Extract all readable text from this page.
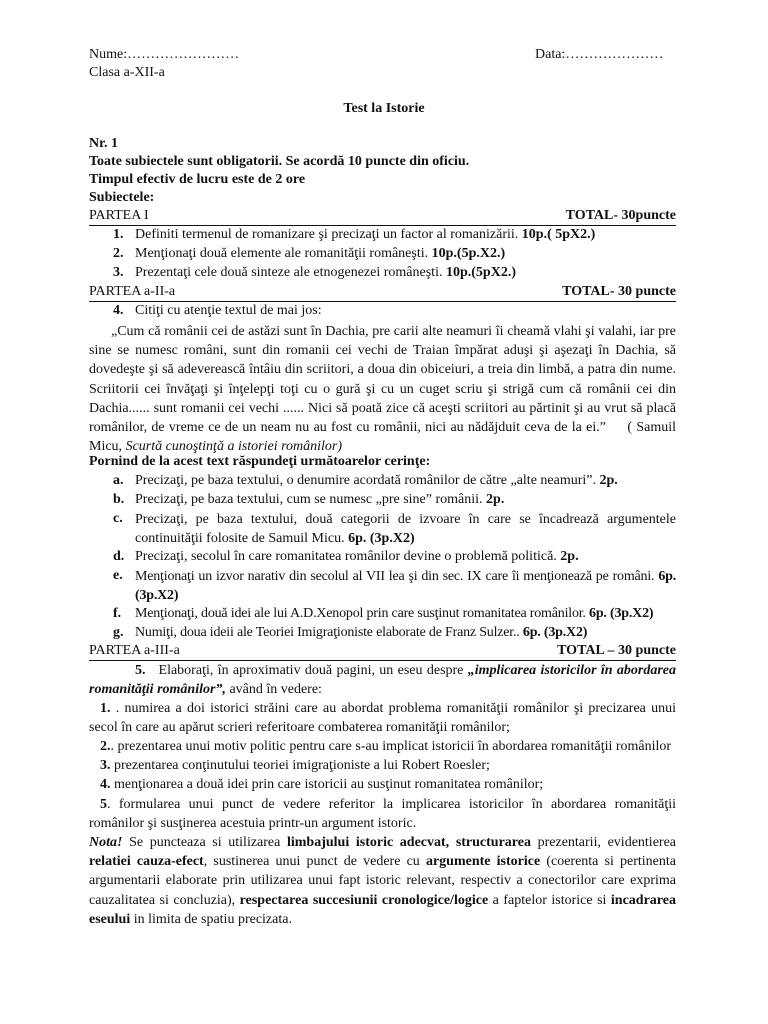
Nume:……………………	Data:…………………
Clasa a-XII-a
Test la Istorie
Nr. 1
Toate subiectele sunt obligatorii. Se acordă 10 puncte din oficiu.
Timpul efectiv de lucru este de 2 ore
Subiectele:
PARTEA I	TOTAL- 30puncte
1. Definiti termenul de romanizare şi precizaţi un factor al romanizării. 10p.( 5pX2.)
2. Menţionaţi două elemente ale romanităţii româneşti. 10p.(5p.X2.)
3. Prezentaţi cele două sinteze ale etnogenezei româneşti. 10p.(5pX2.)
PARTEA a-II-a	TOTAL- 30 puncte
4. Citiţi cu atenţie textul de mai jos:
„Cum că românii cei de astăzi sunt în Dachia, pre carii alte neamuri îi cheamă vlahi şi valahi, iar pre sine se numesc români, sunt din romanii cei vechi de Traian împărat aduşi şi aşezaţi în Dachia, să dovedeşte şi să adeverească întâiu din scriitori, a doua din obiceiuri, a treia din limbă, a patra din nume. Scriitorii cei învăţaţi şi înţelepţi toţi cu o gură şi cu un cuget scriu şi strigă cum că românii cei din Dachia...... sunt romanii cei vechi ...... Nici să poată zice că aceşti scriitori au părtinit şi au vrut să placă românilor, de vreme ce de un neam nu au fost cu românii, nici au nădăjduit ceva de la ei.” ( Samuil Micu, Scurtă cunoştinţă a istoriei românilor)
Pornind de la acest text răspundeţi următoarelor cerinţe:
a. Precizaţi, pe baza textului, o denumire acordată românilor de către „alte neamuri”. 2p.
b. Precizaţi, pe baza textului, cum se numesc „pre sine” românii. 2p.
c. Precizaţi, pe baza textului, două categorii de izvoare în care se încadrează argumentele continuităţii folosite de Samuil Micu. 6p. (3p.X2)
d. Precizaţi, secolul în care romanitatea românilor devine o problemă politică. 2p.
e. Menţionaţi un izvor narativ din secolul al VII lea şi din sec. IX care îi menţionează pe români. 6p.(3p.X2)
f. Menţionaţi, două idei ale lui A.D.Xenopol prin care susţinut romanitatea românilor. 6p. (3p.X2)
g. Numiţi, doua ideii ale Teoriei Imigraţioniste elaborate de Franz Sulzer.. 6p. (3p.X2)
PARTEA a-III-a	TOTAL – 30 puncte
5. Elaboraţi, în aproximativ două pagini, un eseu despre „implicarea istoricilor în abordarea romanităţii românilor”, având în vedere:
1. . numirea a doi istorici străini care au abordat problema romanităţii românilor şi precizarea unui secol în care au apărut scrieri referitoare combaterea romanităţii românilor;
2.. prezentarea unui motiv politic pentru care s-au implicat istoricii în abordarea romanităţii românilor
3. prezentarea conţinutului teoriei imigraţioniste a lui Robert Roesler;
4. menţionarea a două idei prin care istoricii au susţinut romanitatea românilor;
5. formularea unui punct de vedere referitor la implicarea istoricilor în abordarea romanităţii românilor şi susţinerea acestuia printr-un argument istoric.
Nota! Se puncteaza si utilizarea limbajului istoric adecvat, structurarea prezentarii, evidentierea relatiei cauza-efect, sustinerea unui punct de vedere cu argumente istorice (coerenta si pertinenta argumentarii elaborate prin utilizarea unui fapt istoric relevant, respectiv a conectorilor care exprima cauzalitatea si concluzia), respectarea succesiunii cronologice/logice a faptelor istorice si incadrarea eseului in limita de spatiu precizata.
